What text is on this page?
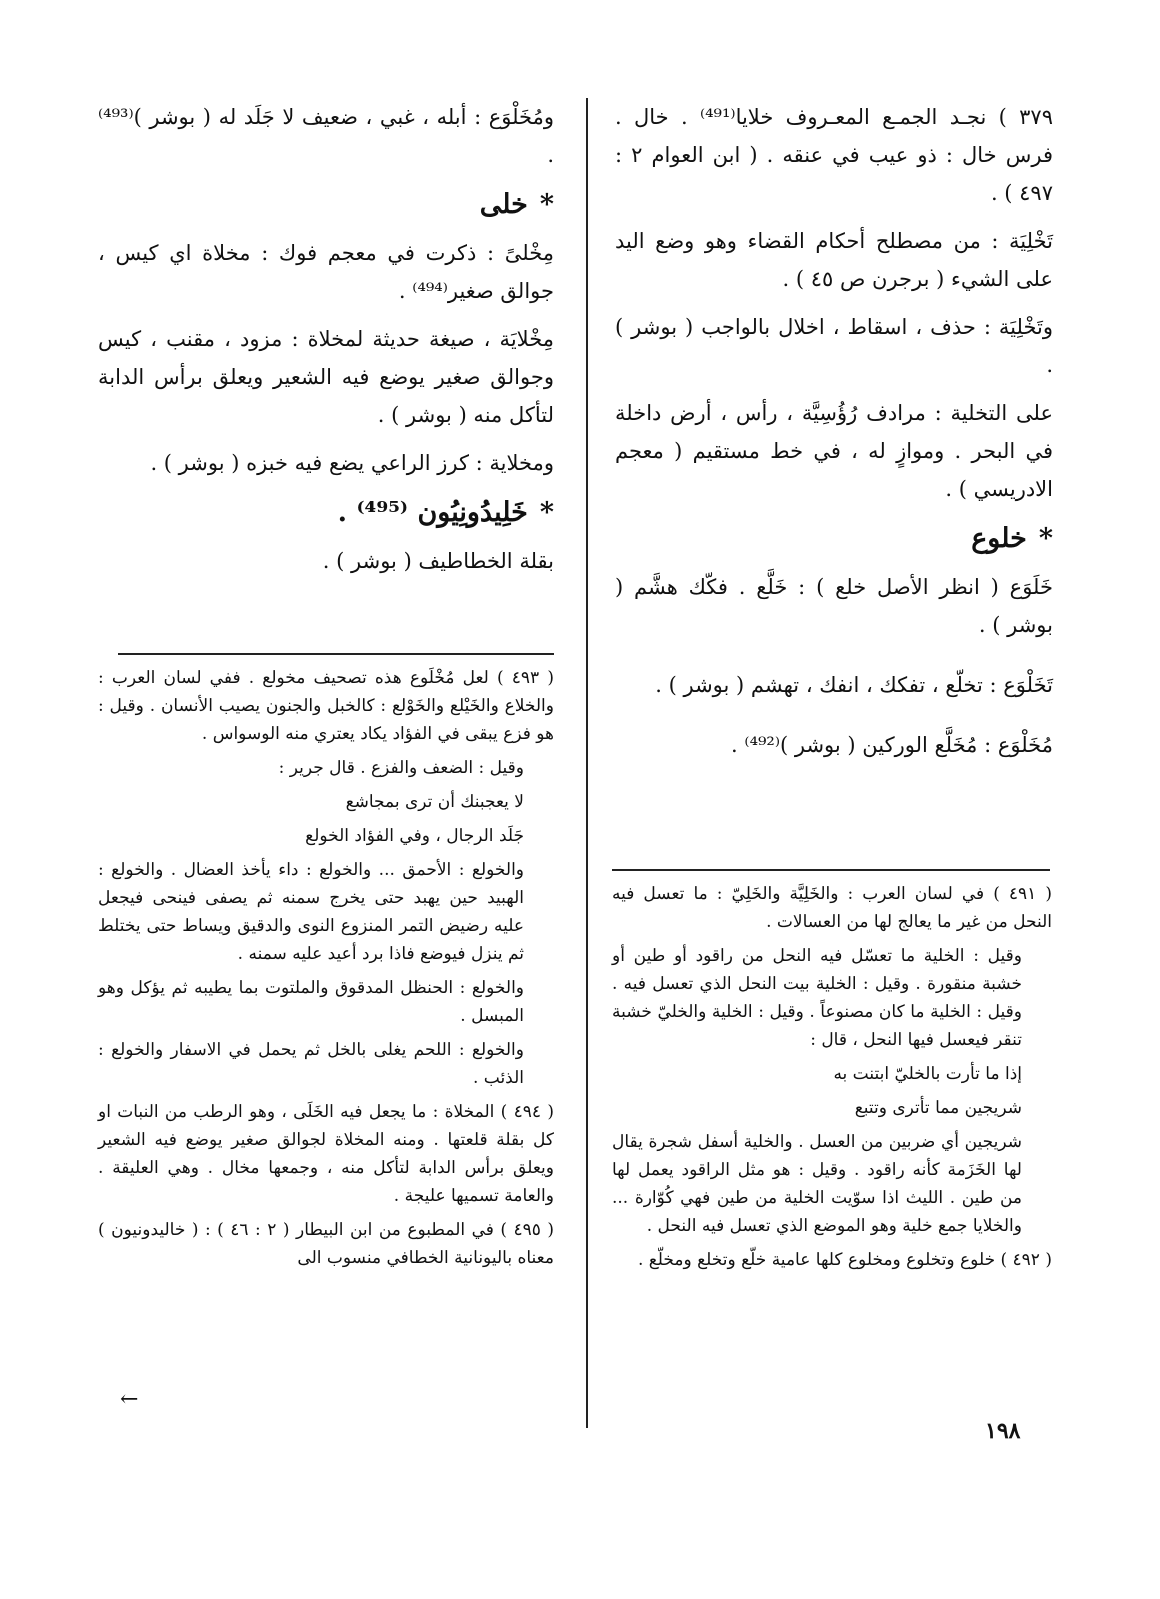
٣٧٩ ) نجـد الجمـع المعـروف خلايا⁽⁴⁹¹⁾ . خال . فرس خال : ذو عيب في عنقه . ( ابن العوام ٢ : ٤٩٧ ) .

تَخْلِيَة : من مصطلح أحكام القضاء وهو وضع اليد على الشيء ( برجرن ص ٤٥ ) .

وتَخْلِيَة : حذف ، اسقاط ، اخلال بالواجب ( بوشر ) .

على التخلية : مرادف رُؤُسِيَّة ، رأس ، أرض داخلة في البحر . وموازٍ له ، في خط مستقيم ( معجم الادريسي ) .

*خلوع

خَلَوَع ( انظر الأصل خلع ) : خَلَّع . فكّك هشَّم ( بوشر ) .

تَخَلْوَع : تخلّع ، تفكك ، انفك ، تهشم ( بوشر ) .

مُخَلْوَع : مُخَلَّع الوركين ( بوشر )⁽⁴⁹²⁾ .

( ٤٩١ ) في لسان العرب : والخَلِيَّة والخَلِيّ : ما تعسل فيه النحل من غير ما يعالج لها من العسالات .

وقيل : الخلية ما تعسّل فيه النحل من راقود أو طين أو خشبة منقورة . وقيل : الخلية بيت النحل الذي تعسل فيه . وقيل : الخلية ما كان مصنوعاً . وقيل : الخلية والخليّ خشبة تنقر فيعسل فيها النحل ، قال :

إذا ما تأرت بالخليّ ابتنت به

شريجين مما تأترى وتتبع

شريجين أي ضربين من العسل . والخلية أسفل شجرة يقال لها الخَزَمة كأنه راقود . وقيل : هو مثل الراقود يعمل لها من طين . الليث اذا سوّيت الخلية من طين فهي كُوّارة ... والخلايا جمع خلية وهو الموضع الذي تعسل فيه النحل .

( ٤٩٢ ) خلوع وتخلوع ومخلوع كلها عامية خلّع وتخلع ومخلّع .

ومُخَلْوَع : أبله ، غبي ، ضعيف لا جَلَد له ( بوشر )⁽⁴⁹³⁾ .

*خلى

مِخْلىً : ذكرت في معجم فوك : مخلاة اي كيس ، جوالق صغير⁽⁴⁹⁴⁾ .

مِخْلايَة ، صيغة حديثة لمخلاة : مزود ، مقنب ، كيس وجوالق صغير يوضع فيه الشعير ويعلق برأس الدابة لتأكل منه ( بوشر ) .

ومخلاية : كرز الراعي يضع فيه خبزه ( بوشر ) .

*خَلِيدُونِيُون ⁽⁴⁹⁵⁾ .

بقلة الخطاطيف ( بوشر ) .

( ٤٩٣ ) لعل مُخْلَوع هذه تصحيف مخولع . ففي لسان العرب : والخلاع والخَيْلع والخَوْلع : كالخبل والجنون يصيب الأنسان . وقيل : هو فزع يبقى في الفؤاد يكاد يعتري منه الوسواس .

وقيل : الضعف والفزع . قال جرير :

لا يعجبنك أن ترى بمجاشع

جَلَد الرجال ، وفي الفؤاد الخولع

والخولع : الأحمق ... والخولع : داء يأخذ العضال . والخولع : الهبيد حين يهبد حتى يخرج سمنه ثم يصفى فينحى فيجعل عليه رضيض التمر المنزوع النوى والدقيق ويساط حتى يختلط ثم ينزل فيوضع فاذا برد أعيد عليه سمنه .

والخولع : الحنظل المدقوق والملتوت بما يطيبه ثم يؤكل وهو المبسل .

والخولع : اللحم يغلى بالخل ثم يحمل في الاسفار والخولع : الذئب .

( ٤٩٤ ) المخلاة : ما يجعل فيه الخَلَى ، وهو الرطب من النبات او كل بقلة قلعتها . ومنه المخلاة لجوالق صغير يوضع فيه الشعير ويعلق برأس الدابة لتأكل منه ، وجمعها مخال . وهي العليقة . والعامة تسميها عليجة .

( ٤٩٥ ) في المطبوع من ابن البيطار ( ٢ : ٤٦ ) : ( خاليدونيون ) معناه باليونانية الخطافي منسوب الى

←
١٩٨
